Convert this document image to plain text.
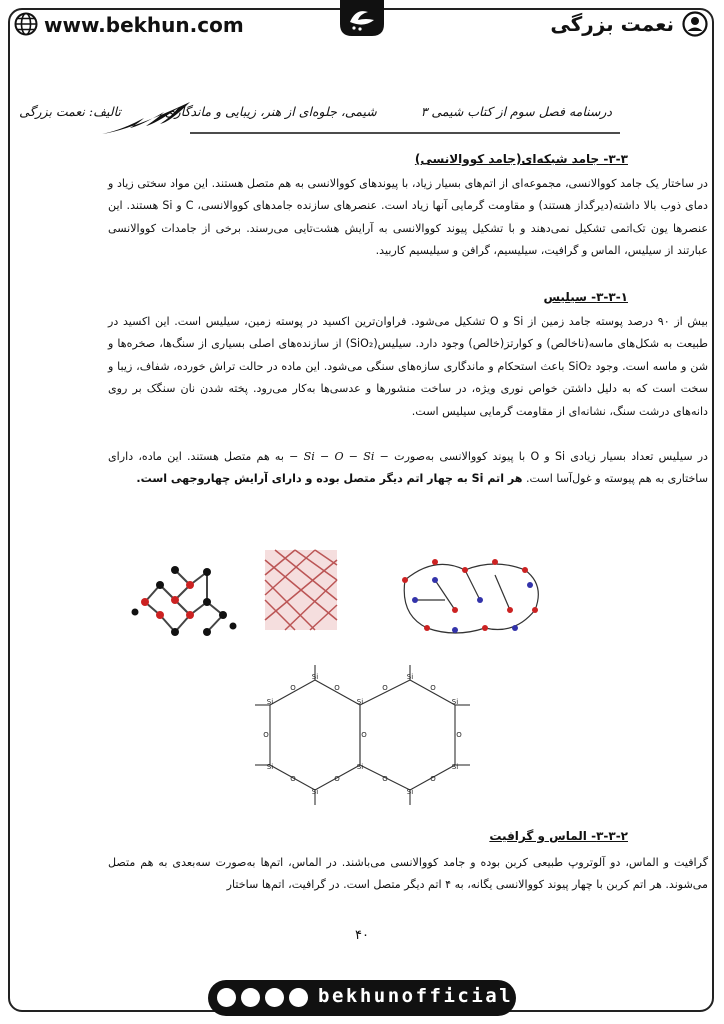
www.bekhun.com	نعمت بزرگی
درسنامه فصل سوم از کتاب شیمی ۳ شیمی، جلوه‌ای از هنر، زیبایی و ماندگاری تالیف: نعمت بزرگی
۳-۳- جامد شبکه‌ای(جامد کووالانسی)
در ساختار یک جامد کووالانسی، مجموعه‌ای از اتم‌های بسیار زیاد، با پیوندهای کووالانسی به هم متصل هستند. این مواد سختی زیاد و دمای ذوب بالا داشته(دیرگداز هستند) و مقاومت گرمایی آنها زیاد است. عنصرهای سازنده جامدهای کووالانسی، C و Si هستند. این عنصرها یون تک‌اتمی تشکیل نمی‌دهند و با تشکیل پیوند کووالانسی به آرایش هشت‌تایی می‌رسند. برخی از جامدات کووالانسی عبارتند از سیلیس، الماس و گرافیت، سیلیسیم، گرافن و سیلیسیم کاربید.
۳-۳-۱- سیلیس
بیش از ۹۰ درصد پوسته جامد زمین از Si و O تشکیل می‌شود. فراوان‌ترین اکسید در پوسته زمین، سیلیس است. این اکسید در طبیعت به شکل‌های ماسه(ناخالص) و کوارتز(خالص) وجود دارد. سیلیس(SiO₂) از سازنده‌های اصلی بسیاری از سنگ‌ها، صخره‌ها و شن و ماسه است. وجود SiO₂ باعث استحکام و ماندگاری سازه‌های سنگی می‌شود. این ماده در حالت تراش خورده، شفاف، زیبا و سخت است که به دلیل داشتن خواص نوری ویژه، در ساخت منشورها و عدسی‌ها به‌کار می‌رود. پخته شدن نان سنگک بر روی دانه‌های درشت سنگ، نشانه‌ای از مقاومت گرمایی سیلیس است.
در سیلیس تعداد بسیار زیادی Si و O با پیوند کووالانسی به‌صورت − Si − O − Si − به هم متصل هستند. این ماده، دارای ساختاری به هم پیوسته و غول‌آسا است. هر اتم Si به چهار اتم دیگر متصل بوده و دارای آرایش چهاروجهی است.
Si	Si
Si
Si	Si
Si
Si	Si
Si	Si
O	O	O	O
O	O	O
O	O	O	O
۳-۳-۲- الماس و گرافیت
گرافیت و الماس، دو آلوتروپ طبیعی کربن بوده و جامد کووالانسی می‌باشند. در الماس، اتم‌ها به‌صورت سه‌بعدی به هم متصل می‌شوند. هر اتم کربن با چهار پیوند کووالانسی یگانه، به ۴ اتم دیگر متصل است. در گرافیت، اتم‌ها ساختار
۴۰
bekhunofficial
